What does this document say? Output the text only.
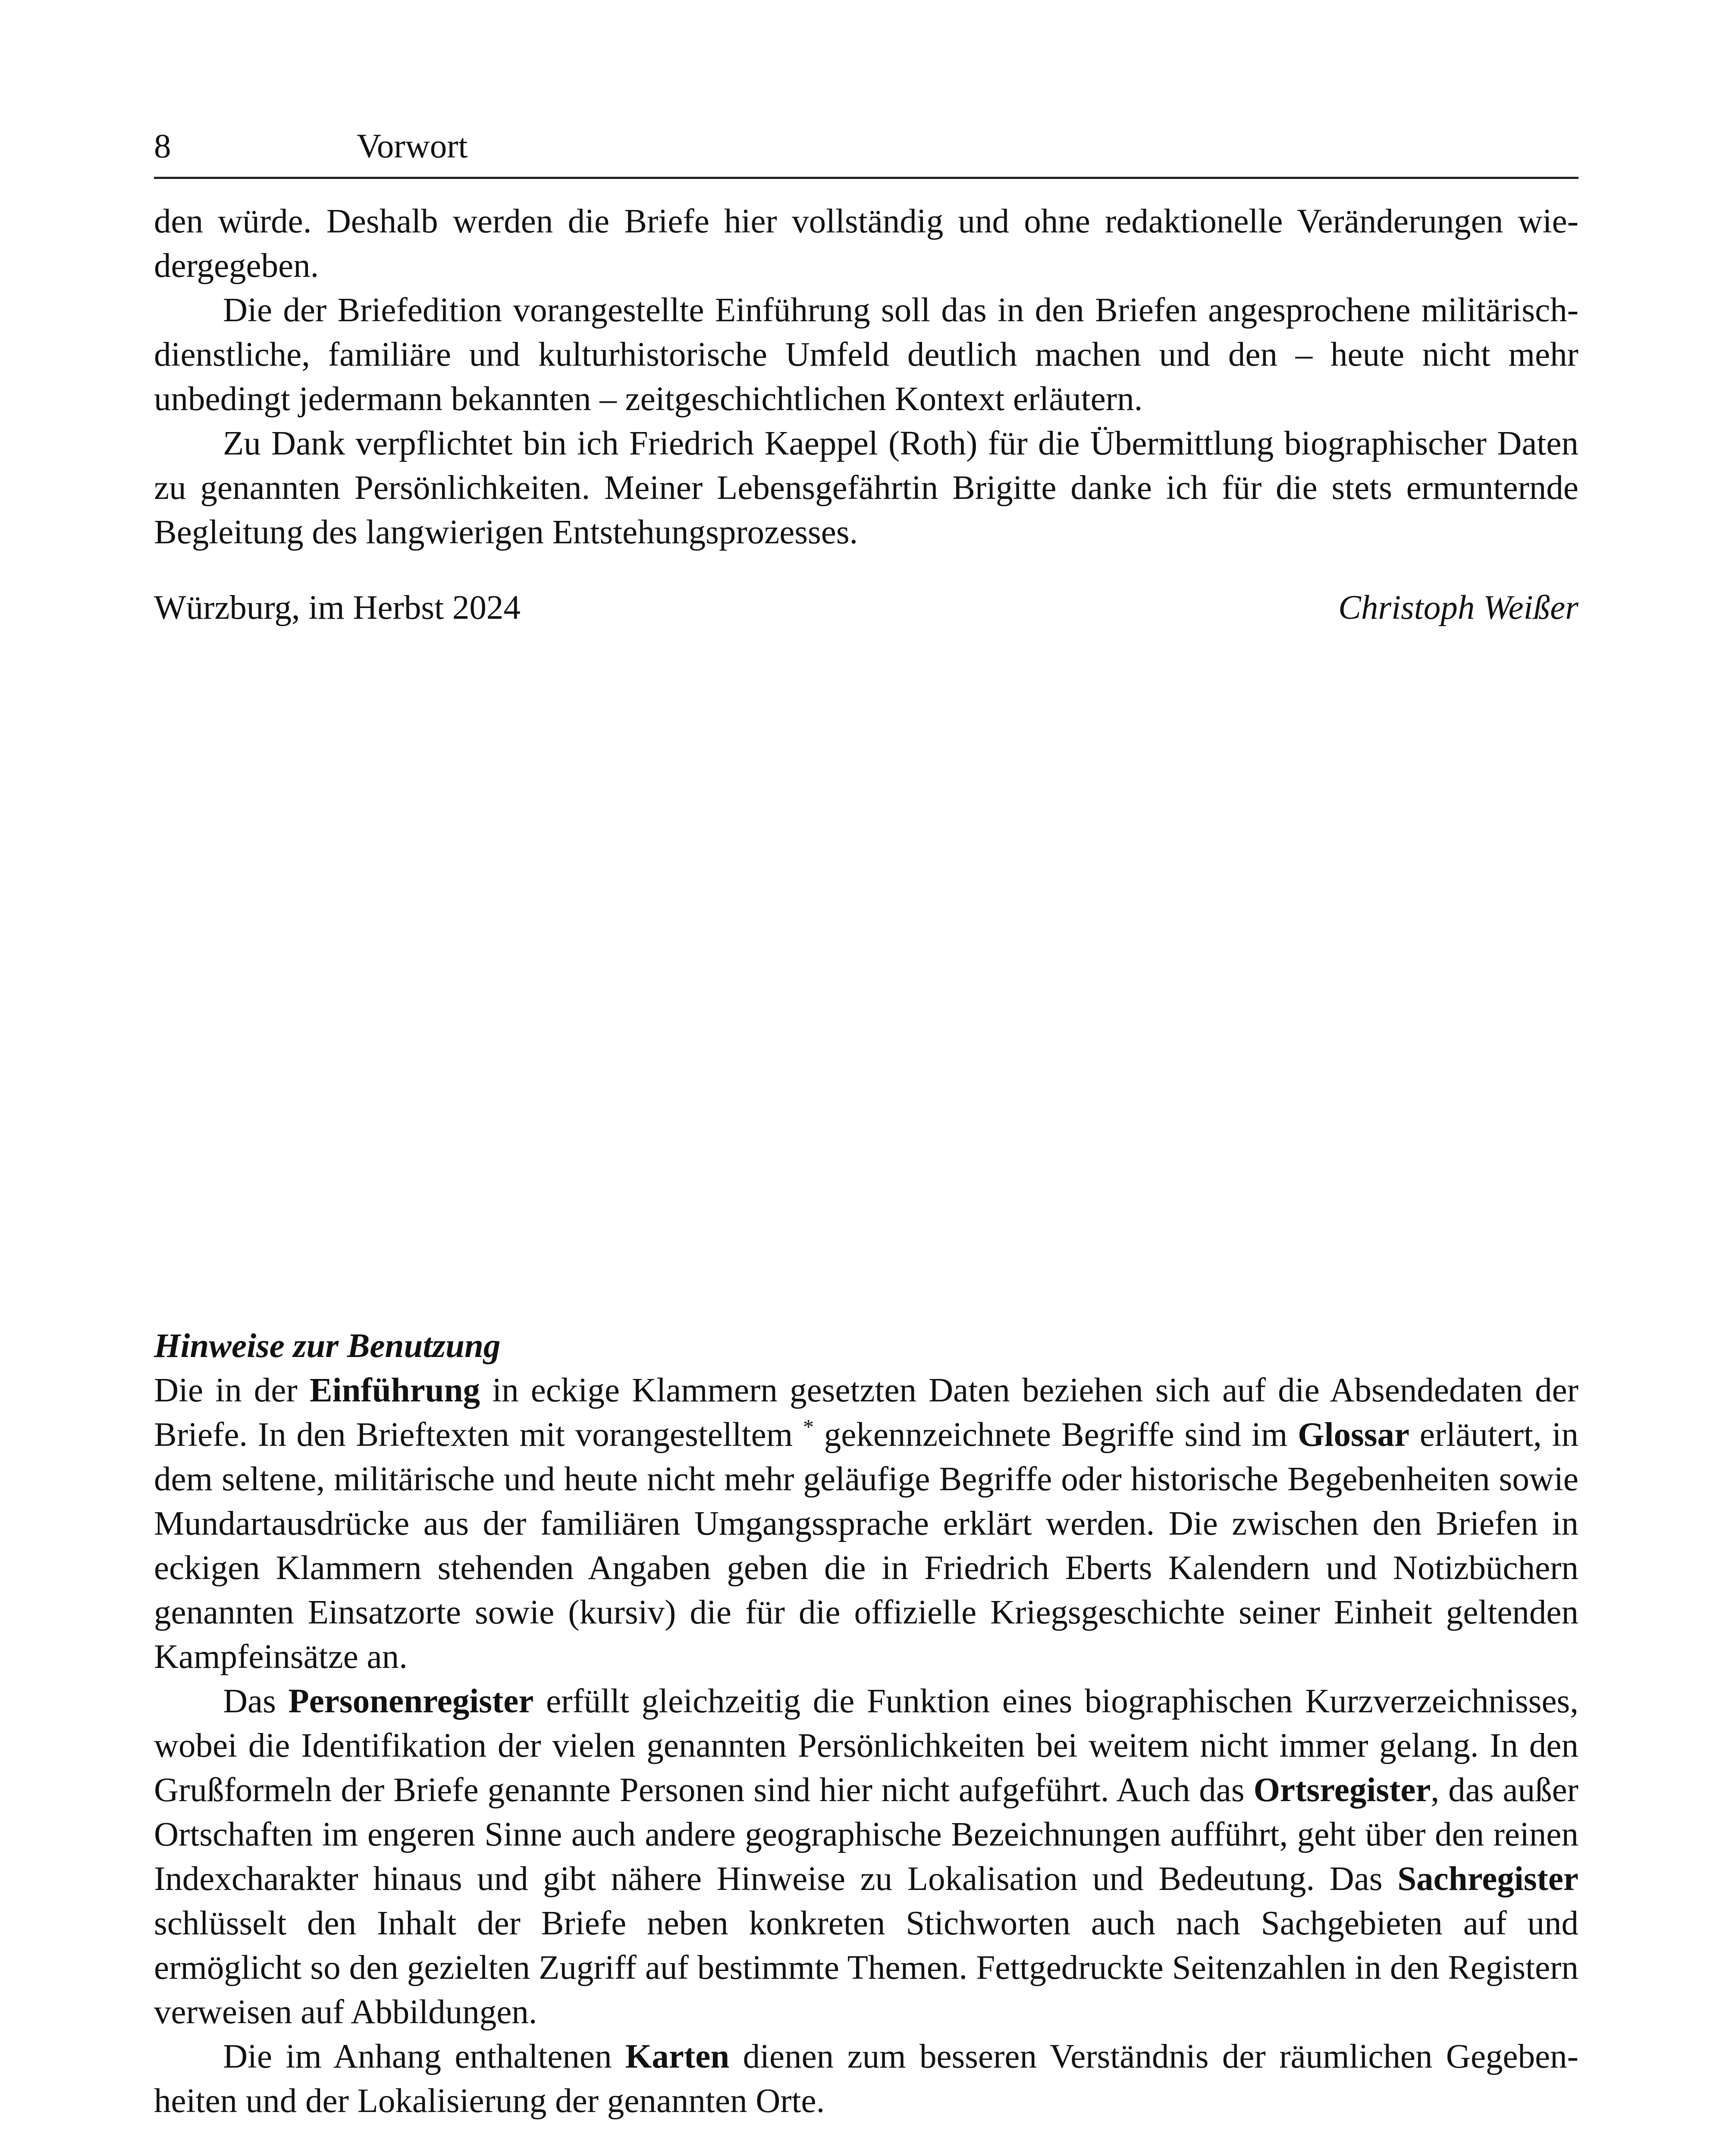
8	Vorwort

den würde. Deshalb werden die Briefe hier vollständig und ohne redaktionelle Veränderungen wiedergegeben.

Die der Briefedition vorangestellte Einführung soll das in den Briefen angesprochene militärisch-dienstliche, familiäre und kulturhistorische Umfeld deutlich machen und den – heute nicht mehr unbedingt jedermann bekannten – zeitgeschichtlichen Kontext erläutern.

Zu Dank verpflichtet bin ich Friedrich Kaeppel (Roth) für die Übermittlung biographischer Daten zu genannten Persönlichkeiten. Meiner Lebensgefährtin Brigitte danke ich für die stets ermunternde Begleitung des langwierigen Entstehungsprozesses.

Würzburg, im Herbst 2024	Christoph Weißer

Hinweise zur Benutzung

Die in der Einführung in eckige Klammern gesetzten Daten beziehen sich auf die Absendedaten der Briefe. In den Brieftexten mit vorangestelltem * gekennzeichnete Begriffe sind im Glossar erläutert, in dem seltene, militärische und heute nicht mehr geläufige Begriffe oder historische Begebenheiten sowie Mundartausdrücke aus der familiären Umgangssprache erklärt werden. Die zwischen den Briefen in eckigen Klammern stehenden Angaben geben die in Friedrich Eberts Kalendern und Notizbüchern genannten Einsatzorte sowie (kursiv) die für die offizielle Kriegsgeschichte seiner Einheit geltenden Kampfeinsätze an.

Das Personenregister erfüllt gleichzeitig die Funktion eines biographischen Kurzverzeichnisses, wobei die Identifikation der vielen genannten Persönlichkeiten bei weitem nicht immer gelang. In den Grußformeln der Briefe genannte Personen sind hier nicht aufgeführt. Auch das Ortsregister, das außer Ortschaften im engeren Sinne auch andere geographische Bezeichnungen aufführt, geht über den reinen Indexcharakter hinaus und gibt nähere Hinweise zu Lokalisation und Bedeutung. Das Sachregister schlüsselt den Inhalt der Briefe neben konkreten Stichworten auch nach Sachgebieten auf und ermöglicht so den gezielten Zugriff auf bestimmte Themen. Fettgedruckte Seitenzahlen in den Registern verweisen auf Abbildungen.

Die im Anhang enthaltenen Karten dienen zum besseren Verständnis der räumlichen Gegebenheiten und der Lokalisierung der genannten Orte.
